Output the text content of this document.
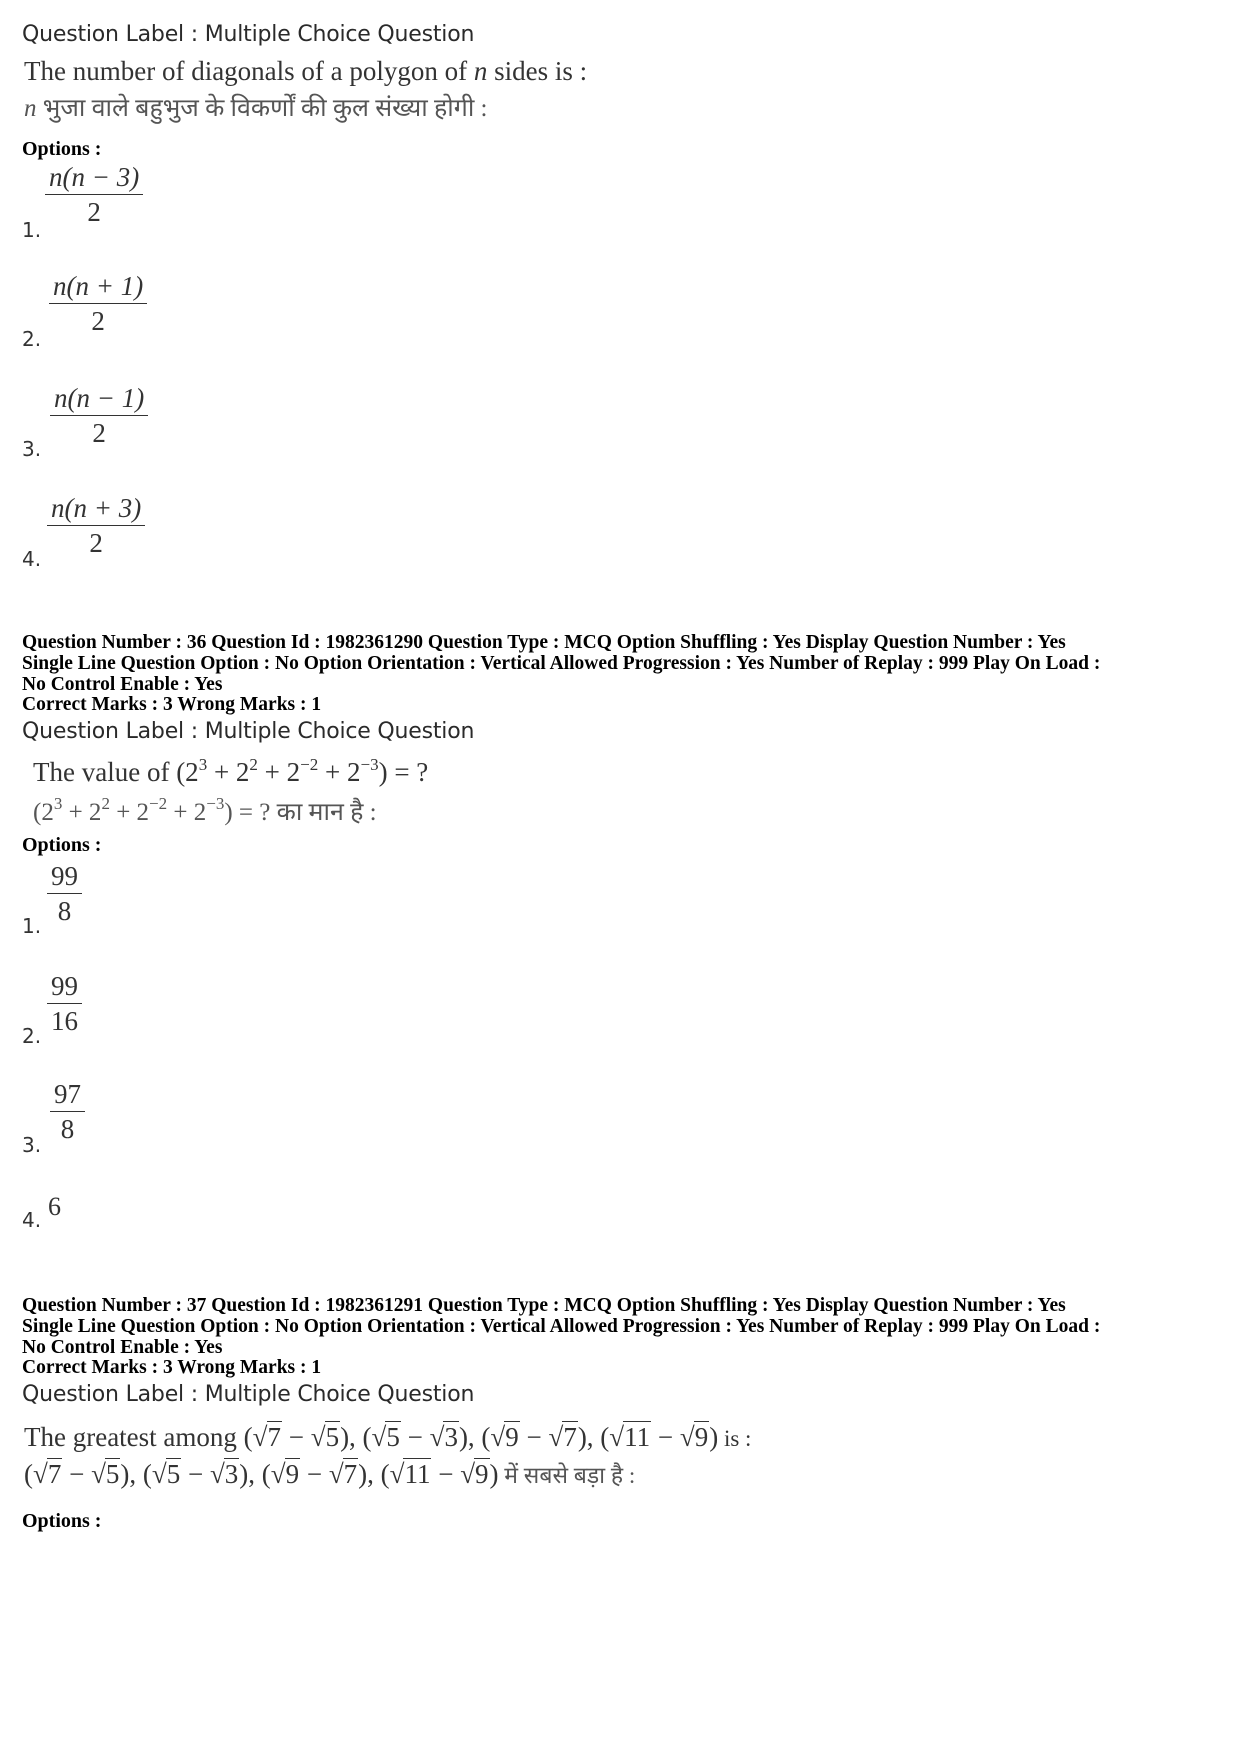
Question Label : Multiple Choice Question
The number of diagonals of a polygon of n sides is :
n भुजा वाले बहुभुज के विकर्णों की कुल संख्या होगी :
Options :
1.
$\frac{n(n - 3)}{2}$
2.
$\frac{n(n + 1)}{2}$
3. $\frac{n(n - 1)}{2}$
4. $\frac{n(n + 3)}{2}$
Question Number : 36 Question Id : 1982361290 Question Type : MCQ Option Shuffling : Yes Display Question Number : Yes
Single Line Question Option : No Option Orientation : Vertical Allowed Progression : Yes Number of Replay : 999 Play On Load :
No Control Enable : Yes
Correct Marks : 3 Wrong Marks : 1
Question Label : Multiple Choice Question
The value of $(2^3 + 2^2 + 2^{-2} + 2^{-3})$ = ?
$(2^3 + 2^2 + 2^{-2} + 2^{-3})$ = ? का मान है :
Options :
1. $\frac{99}{8}$
2. $\frac{99}{16}$
3. $\frac{97}{8}$
4. 6
Question Number : 37 Question Id : 1982361291 Question Type : MCQ Option Shuffling : Yes Display Question Number : Yes
Single Line Question Option : No Option Orientation : Vertical Allowed Progression : Yes Number of Replay : 999 Play On Load :
No Control Enable : Yes
Correct Marks : 3 Wrong Marks : 1
Question Label : Multiple Choice Question
The greatest among (√7 − √5), (√5 − √3), (√9 − √7), (√11 − √9) is :
(√7 − √5), (√5 − √3), (√9 − √7), (√11 − √9) में सबसे बड़ा है :
Options :
